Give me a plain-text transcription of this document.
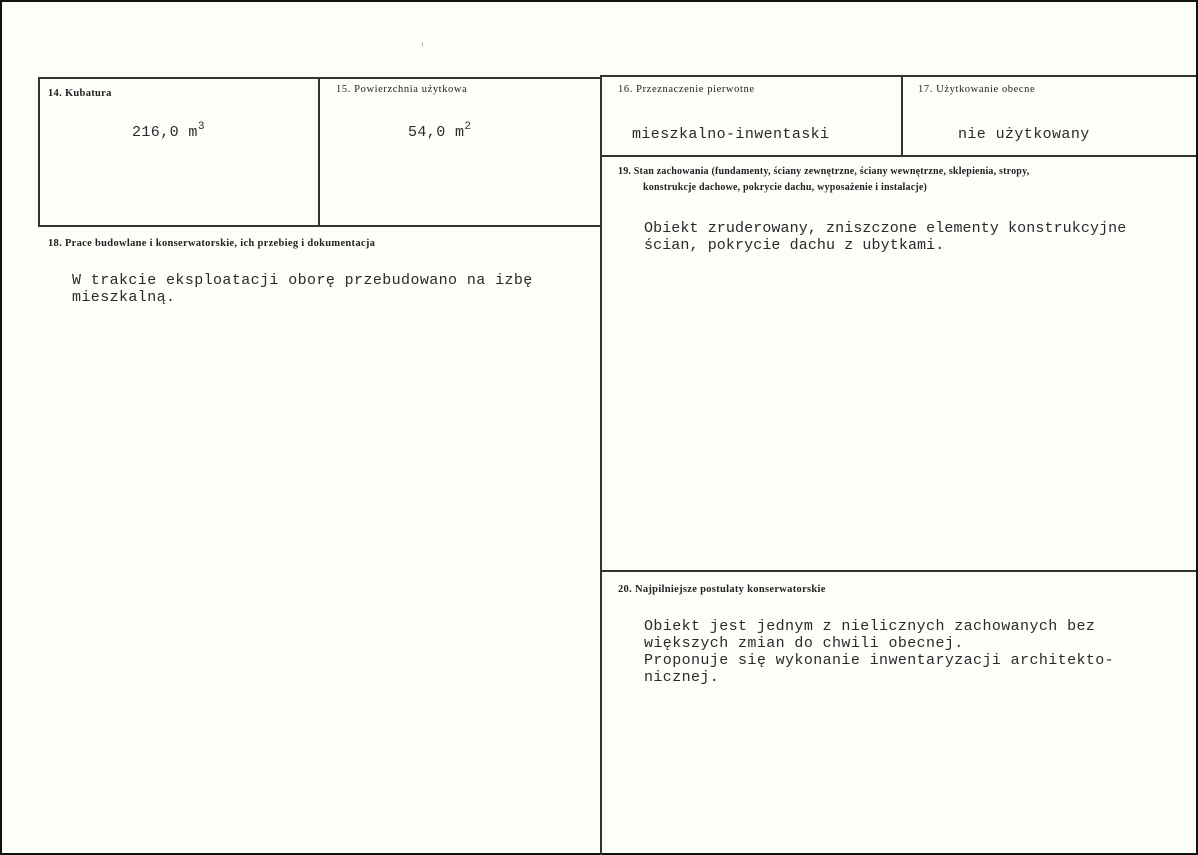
14. Kubatura
216,0 $m^3$
15. Powierzchnia użytkowa
54,0 $m^2$
16. Przeznaczenie pierwotne
mieszkalno-inwentaski
17. Użytkowanie obecne
nie użytkowany
18. Prace budowlane i konserwatorskie, ich przebieg i dokumentacja
W trakcie eksploatacji oborę przebudowano na izbę
mieszkalną.
19. Stan zachowania (fundamenty, ściany zewnętrzne, ściany wewnętrzne, sklepienia, stropy,
konstrukcje dachowe, pokrycie dachu, wyposażenie i instalacje)
Obiekt zruderowany, zniszczone elementy konstrukcyjne
ścian, pokrycie dachu z ubytkami.
20. Najpilniejsze postulaty konserwatorskie
Obiekt jest jednym z nielicznych zachowanych bez
większych zmian do chwili obecnej.
Proponuje się wykonanie inwentaryzacji architekto-
nicznej.
